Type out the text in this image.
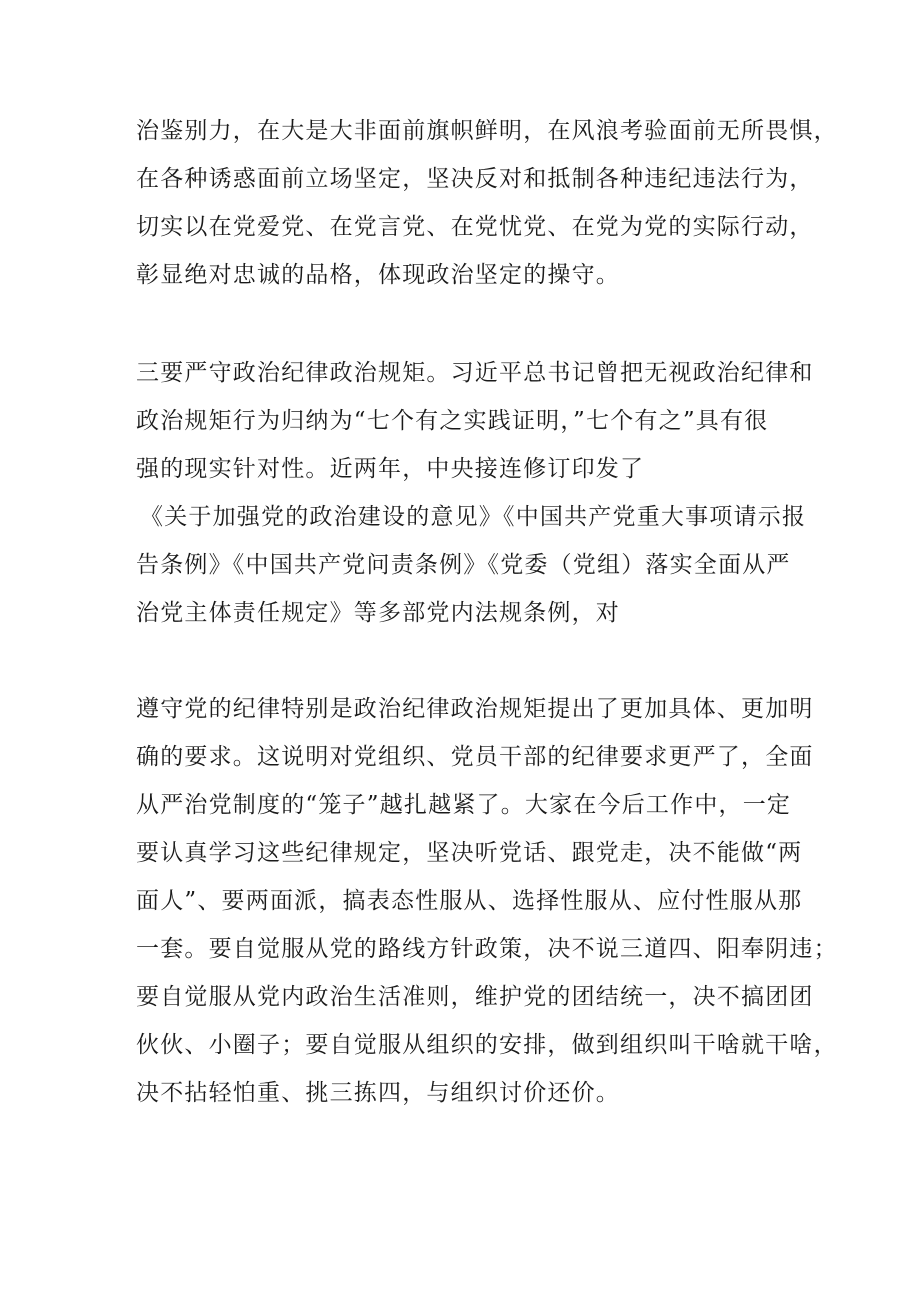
治鉴别力，在大是大非面前旗帜鲜明，在风浪考验面前无所畏惧，
在各种诱惑面前立场坚定，坚决反对和抵制各种违纪违法行为，
切实以在党爱党、在党言党、在党忧党、在党为党的实际行动，
彰显绝对忠诚的品格，体现政治坚定的操守。
三要严守政治纪律政治规矩。习近平总书记曾把无视政治纪律和
政治规矩行为归纳为“七个有之实践证明，”七个有之”具有很
强的现实针对性。近两年，中央接连修订印发了
《关于加强党的政治建设的意见》《中国共产党重大事项请示报
告条例》《中国共产党问责条例》《党委（党组）落实全面从严
治党主体责任规定》等多部党内法规条例，对
遵守党的纪律特别是政治纪律政治规矩提出了更加具体、更加明
确的要求。这说明对党组织、党员干部的纪律要求更严了，全面
从严治党制度的“笼子”越扎越紧了。大家在今后工作中，一定
要认真学习这些纪律规定，坚决听党话、跟党走，决不能做“两
面人”、要两面派，搞表态性服从、选择性服从、应付性服从那
一套。要自觉服从党的路线方针政策，决不说三道四、阳奉阴违；
要自觉服从党内政治生活准则，维护党的团结统一，决不搞团团
伙伙、小圈子；要自觉服从组织的安排，做到组织叫干啥就干啥，
决不拈轻怕重、挑三拣四，与组织讨价还价。
